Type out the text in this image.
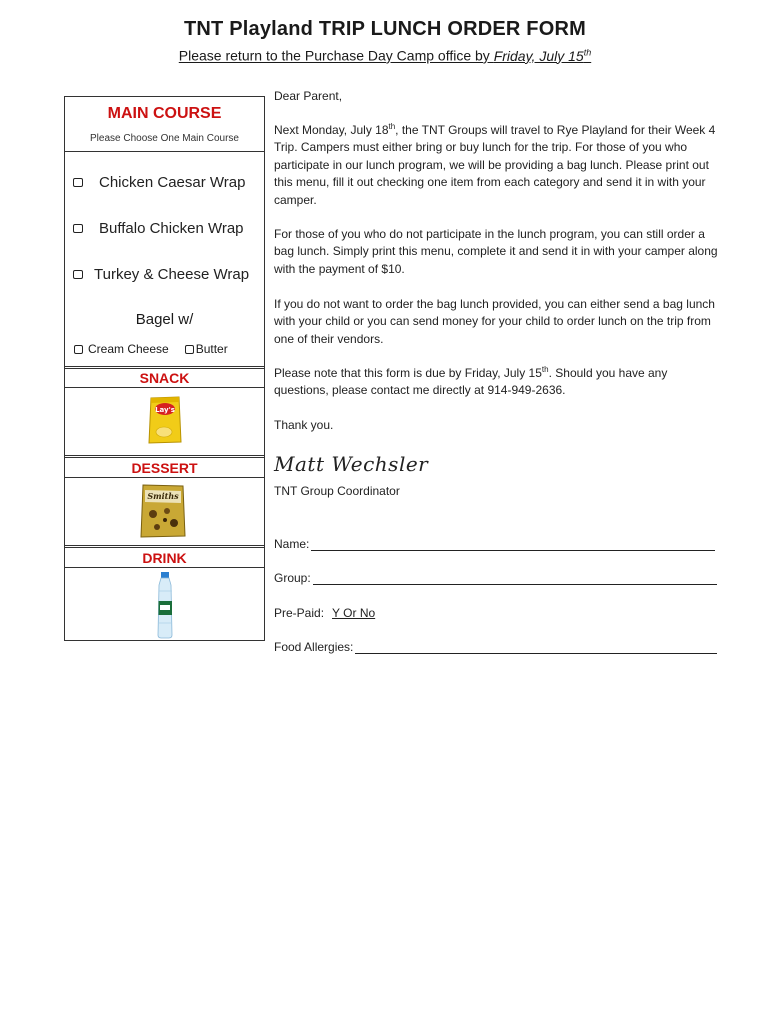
TNT Playland TRIP LUNCH ORDER FORM
Please return to the Purchase Day Camp office by Friday, July 15th
MAIN COURSE
Please Choose One Main Course
Chicken Caesar Wrap
Buffalo Chicken Wrap
Turkey & Cheese Wrap
Bagel w/
Cream Cheese Butter
SNACK
Lay's
DESSERT
Smiths
DRINK
Dear Parent,
Next Monday, July 18th, the TNT Groups will travel to Rye Playland for their Week 4 Trip. Campers must either bring or buy lunch for the trip. For those of you who participate in our lunch program, we will be providing a bag lunch. Please print out this menu, fill it out checking one item from each category and send it in with your camper.
For those of you who do not participate in the lunch program, you can still order a bag lunch. Simply print this menu, complete it and send it in with your camper along with the payment of $10.
If you do not want to order the bag lunch provided, you can either send a bag lunch with your child or you can send money for your child to order lunch on the trip from one of their vendors.
Please note that this form is due by Friday, July 15th. Should you have any questions, please contact me directly at 914-949-2636.
Thank you.
Matt Wechsler
TNT Group Coordinator
Name:
Group:
Pre-Paid: Y Or No
Food Allergies:
